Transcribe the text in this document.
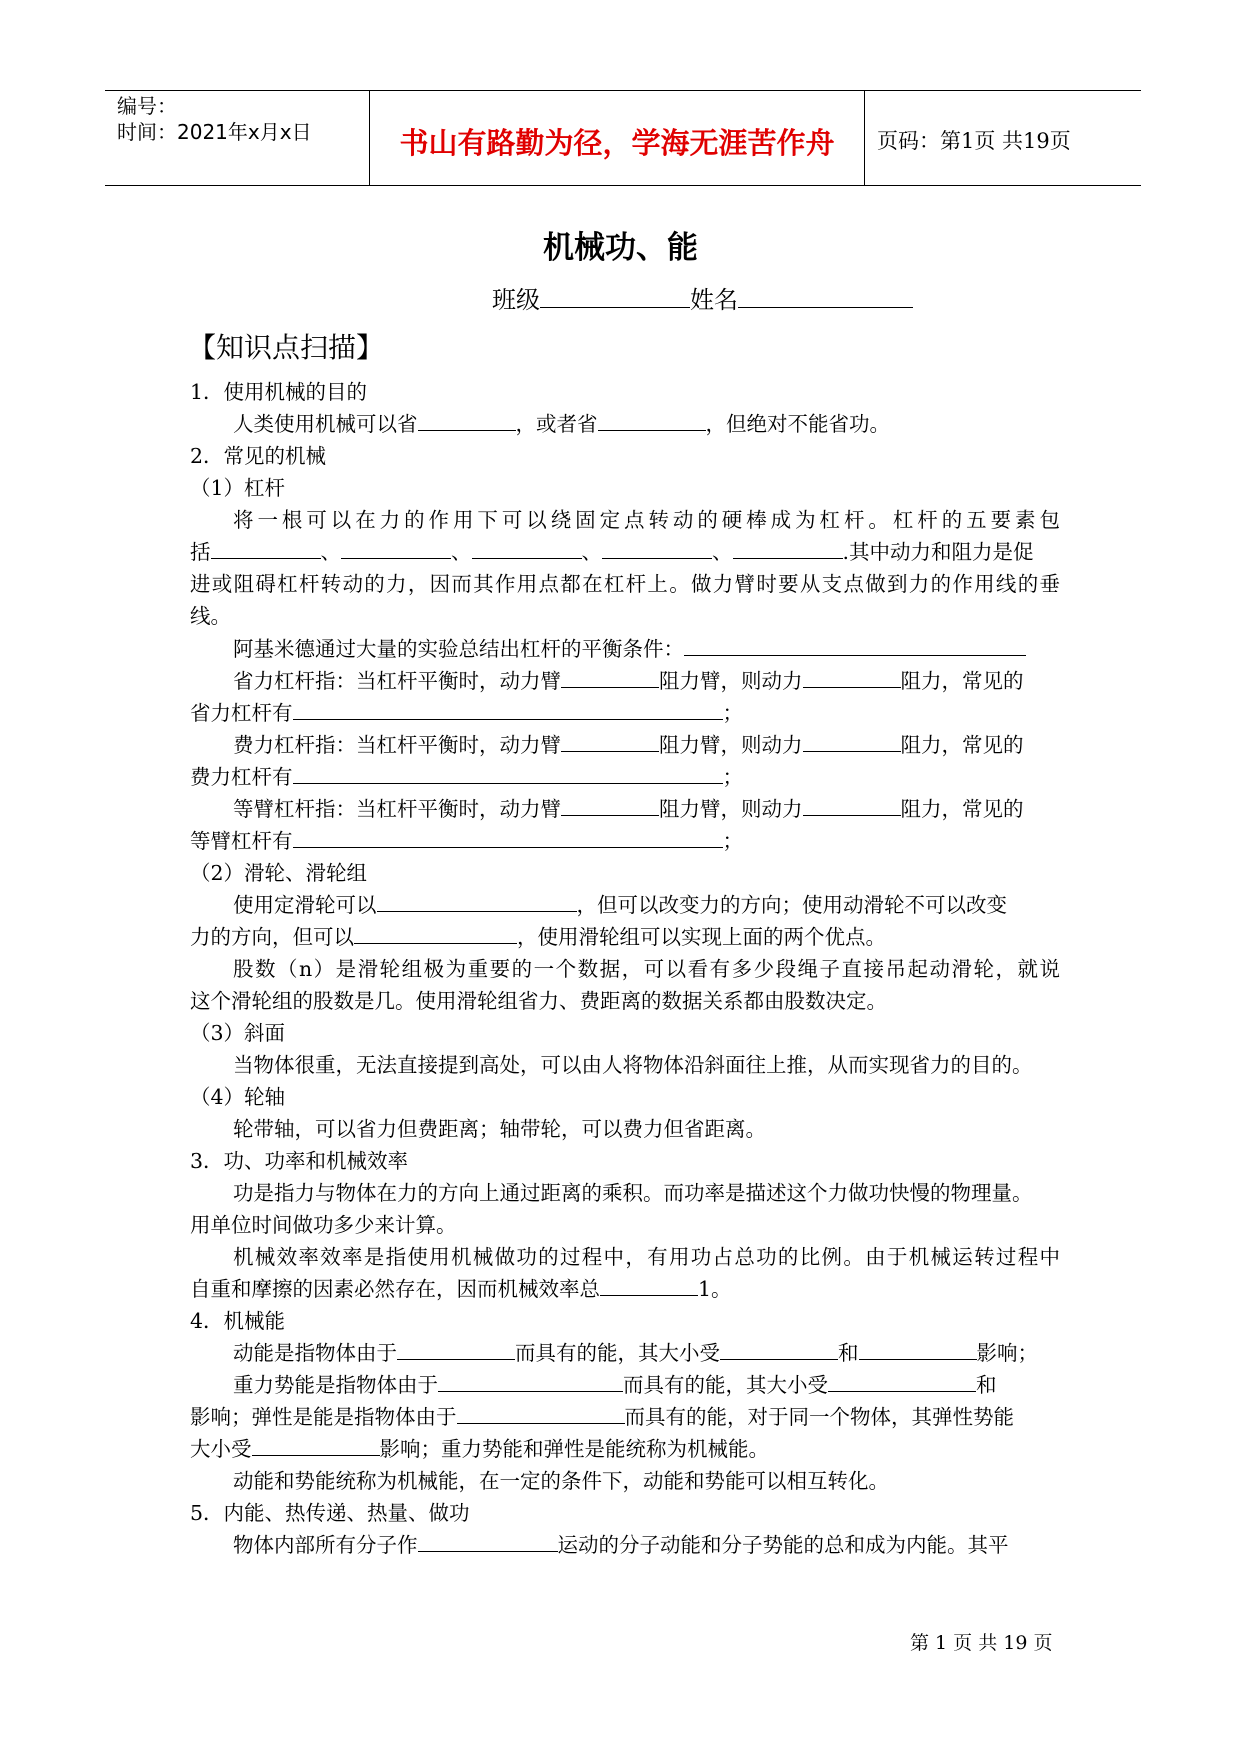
编号：
时间：2021年x月x日	书山有路勤为径，学海无涯苦作舟	页码：第1页 共19页
机械功、能
班级	姓名
【知识点扫描】
1．使用机械的目的
人类使用机械可以省	，或者省	，但绝对不能省功。
2．常见的机械
（1）杠杆
将一根可以在力的作用下可以绕固定点转动的硬棒成为杠杆。杠杆的五要素包
括	、	、	、	、	.其中动力和阻力是促
进或阻碍杠杆转动的力，因而其作用点都在杠杆上。做力臂时要从支点做到力的作用线的垂
线。
阿基米德通过大量的实验总结出杠杆的平衡条件：
省力杠杆指：当杠杆平衡时，动力臂	阻力臂，则动力	阻力，常见的
省力杠杆有	；
费力杠杆指：当杠杆平衡时，动力臂	阻力臂，则动力	阻力，常见的
费力杠杆有	；
等臂杠杆指：当杠杆平衡时，动力臂	阻力臂，则动力	阻力，常见的
等臂杠杆有	；
（2）滑轮、滑轮组
使用定滑轮可以	，但可以改变力的方向；使用动滑轮不可以改变
力的方向，但可以	，使用滑轮组可以实现上面的两个优点。
股数（n）是滑轮组极为重要的一个数据，可以看有多少段绳子直接吊起动滑轮，就说
这个滑轮组的股数是几。使用滑轮组省力、费距离的数据关系都由股数决定。
（3）斜面
当物体很重，无法直接提到高处，可以由人将物体沿斜面往上推，从而实现省力的目的。
（4）轮轴
轮带轴，可以省力但费距离；轴带轮，可以费力但省距离。
3．功、功率和机械效率
功是指力与物体在力的方向上通过距离的乘积。而功率是描述这个力做功快慢的物理量。
用单位时间做功多少来计算。
机械效率效率是指使用机械做功的过程中，有用功占总功的比例。由于机械运转过程中
自重和摩擦的因素必然存在，因而机械效率总	1。
4．机械能
动能是指物体由于	而具有的能，其大小受	和	影响；
重力势能是指物体由于	而具有的能，其大小受	和
影响；弹性是能是指物体由于	而具有的能，对于同一个物体，其弹性势能
大小受	影响；重力势能和弹性是能统称为机械能。
动能和势能统称为机械能，在一定的条件下，动能和势能可以相互转化。
5．内能、热传递、热量、做功
物体内部所有分子作	运动的分子动能和分子势能的总和成为内能。其平
第 1 页 共 19 页
